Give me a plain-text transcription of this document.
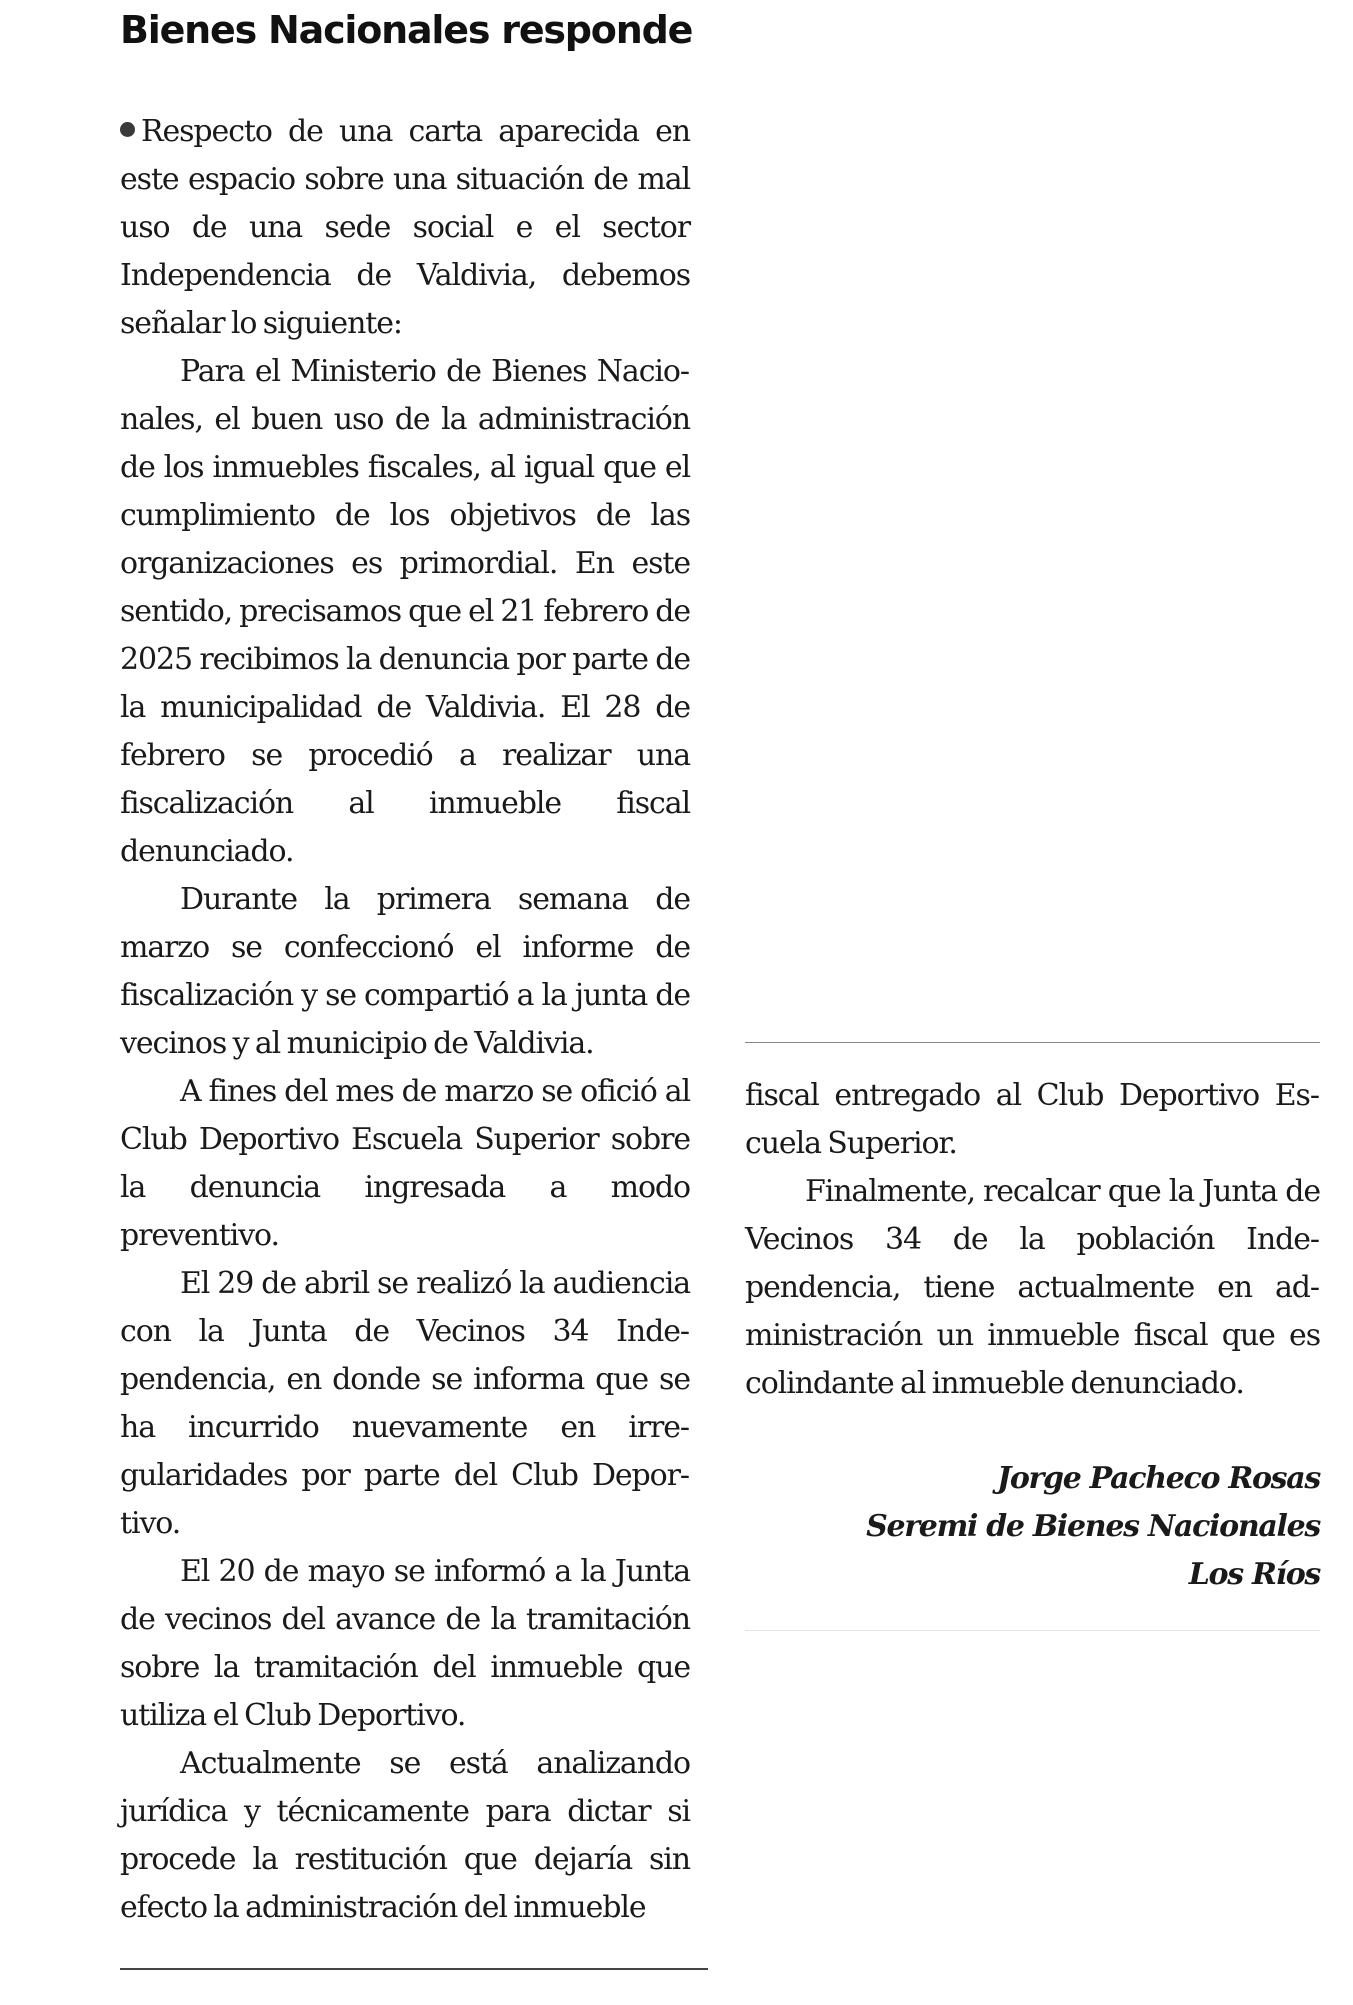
Bienes Nacionales responde

Respecto de una carta aparecida en este espacio sobre una situación de mal uso de una sede social e el sector Independencia de Valdivia, debemos señalar lo siguiente:

Para el Ministerio de Bienes Nacionales, el buen uso de la administración de los inmuebles fiscales, al igual que el cumplimiento de los objetivos de las organizaciones es primordial. En este sentido, precisamos que el 21 febrero de 2025 recibimos la denuncia por parte de la municipalidad de Valdivia. El 28 de febrero se procedió a realizar una fiscalización al inmueble fiscal denunciado.

Durante la primera semana de marzo se confeccionó el informe de fiscalización y se compartió a la junta de vecinos y al municipio de Valdivia.

A fines del mes de marzo se ofició al Club Deportivo Escuela Superior sobre la denuncia ingresada a modo preventivo.

El 29 de abril se realizó la audiencia con la Junta de Vecinos 34 Independencia, en donde se informa que se ha incurrido nuevamente en irregularidades por parte del Club Deportivo.

El 20 de mayo se informó a la Junta de vecinos del avance de la tramitación sobre la tramitación del inmueble que utiliza el Club Deportivo.

Actualmente se está analizando jurídica y técnicamente para dictar si procede la restitución que dejaría sin efecto la administración del inmueble

fiscal entregado al Club Deportivo Escuela Superior.

Finalmente, recalcar que la Junta de Vecinos 34 de la población Independencia, tiene actualmente en administración un inmueble fiscal que es colindante al inmueble denunciado.

Jorge Pacheco Rosas
Seremi de Bienes Nacionales
Los Ríos
